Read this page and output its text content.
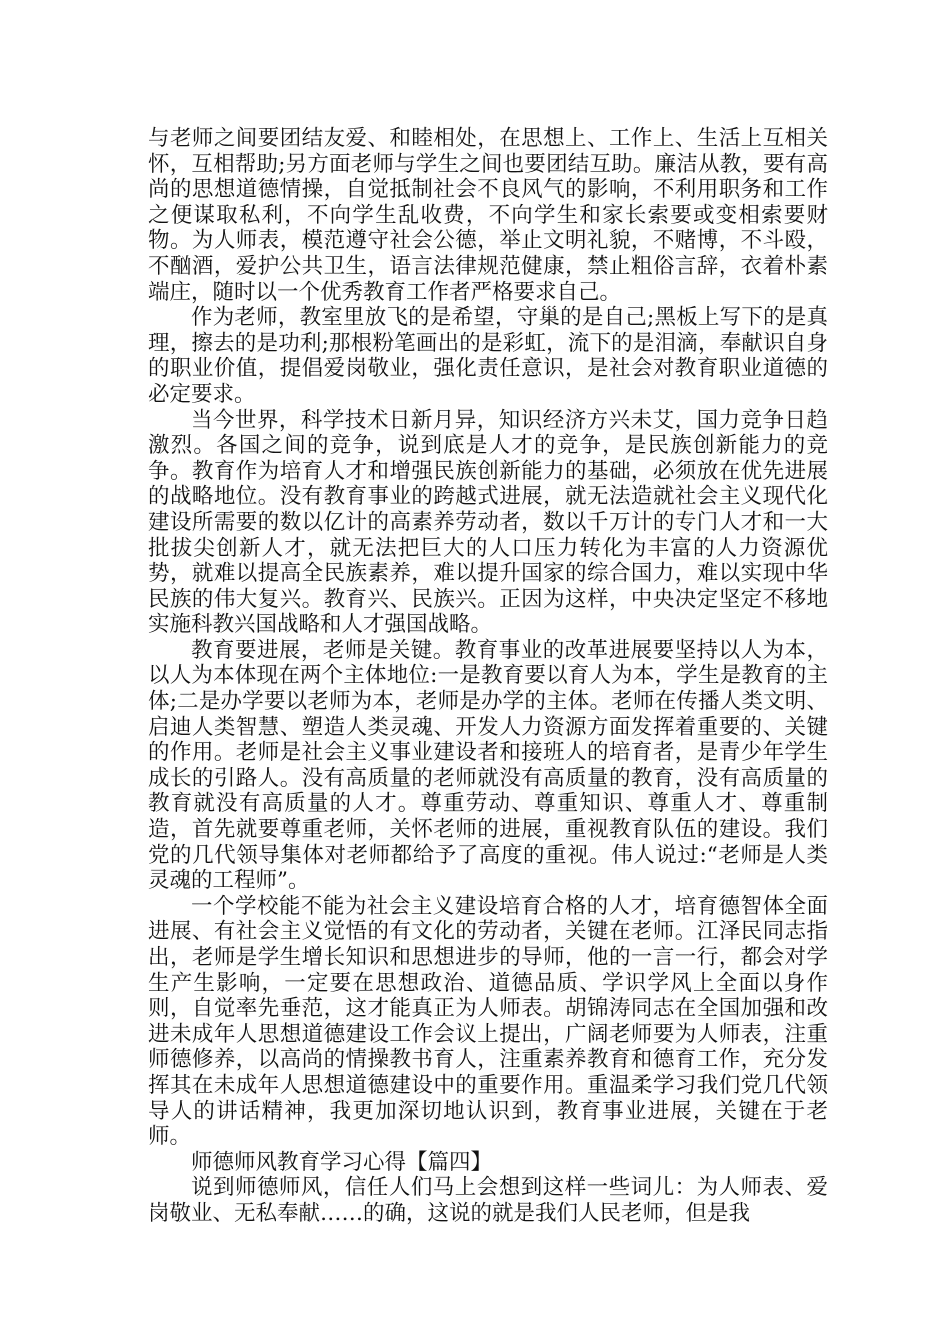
与老师之间要团结友爱、和睦相处，在思想上、工作上、生活上互相关怀，互相帮助;另方面老师与学生之间也要团结互助。廉洁从教，要有高尚的思想道德情操，自觉抵制社会不良风气的影响，不利用职务和工作之便谋取私利，不向学生乱收费，不向学生和家长索要或变相索要财物。为人师表，模范遵守社会公德，举止文明礼貌，不赌博，不斗殴，不酗酒，爱护公共卫生，语言法律规范健康，禁止粗俗言辞，衣着朴素端庄，随时以一个优秀教育工作者严格要求自己。

作为老师，教室里放飞的是希望，守巢的是自己;黑板上写下的是真理，擦去的是功利;那根粉笔画出的是彩虹，流下的是泪滴，奉献识自身的职业价值，提倡爱岗敬业，强化责任意识，是社会对教育职业道德的必定要求。

当今世界，科学技术日新月异，知识经济方兴未艾，国力竞争日趋激烈。各国之间的竞争，说到底是人才的竞争，是民族创新能力的竞争。教育作为培育人才和增强民族创新能力的基础，必须放在优先进展的战略地位。没有教育事业的跨越式进展，就无法造就社会主义现代化建设所需要的数以亿计的高素养劳动者，数以千万计的专门人才和一大批拔尖创新人才，就无法把巨大的人口压力转化为丰富的人力资源优势，就难以提高全民族素养，难以提升国家的综合国力，难以实现中华民族的伟大复兴。教育兴、民族兴。正因为这样，中央决定坚定不移地实施科教兴国战略和人才强国战略。

教育要进展，老师是关键。教育事业的改革进展要坚持以人为本，以人为本体现在两个主体地位:一是教育要以育人为本，学生是教育的主体;二是办学要以老师为本，老师是办学的主体。老师在传播人类文明、启迪人类智慧、塑造人类灵魂、开发人力资源方面发挥着重要的、关键的作用。老师是社会主义事业建设者和接班人的培育者，是青少年学生成长的引路人。没有高质量的老师就没有高质量的教育，没有高质量的教育就没有高质量的人才。尊重劳动、尊重知识、尊重人才、尊重制造，首先就要尊重老师，关怀老师的进展，重视教育队伍的建设。我们党的几代领导集体对老师都给予了高度的重视。伟人说过:“老师是人类灵魂的工程师”。

一个学校能不能为社会主义建设培育合格的人才，培育德智体全面进展、有社会主义觉悟的有文化的劳动者，关键在老师。江泽民同志指出，老师是学生增长知识和思想进步的导师，他的一言一行，都会对学生产生影响，一定要在思想政治、道德品质、学识学风上全面以身作则，自觉率先垂范，这才能真正为人师表。胡锦涛同志在全国加强和改进未成年人思想道德建设工作会议上提出，广阔老师要为人师表，注重师德修养，以高尚的情操教书育人，注重素养教育和德育工作，充分发挥其在未成年人思想道德建设中的重要作用。重温柔学习我们党几代领导人的讲话精神，我更加深切地认识到，教育事业进展，关键在于老师。

师德师风教育学习心得【篇四】

说到师德师风，信任人们马上会想到这样一些词儿：为人师表、爱岗敬业、无私奉献……的确，这说的就是我们人民老师，但是我
